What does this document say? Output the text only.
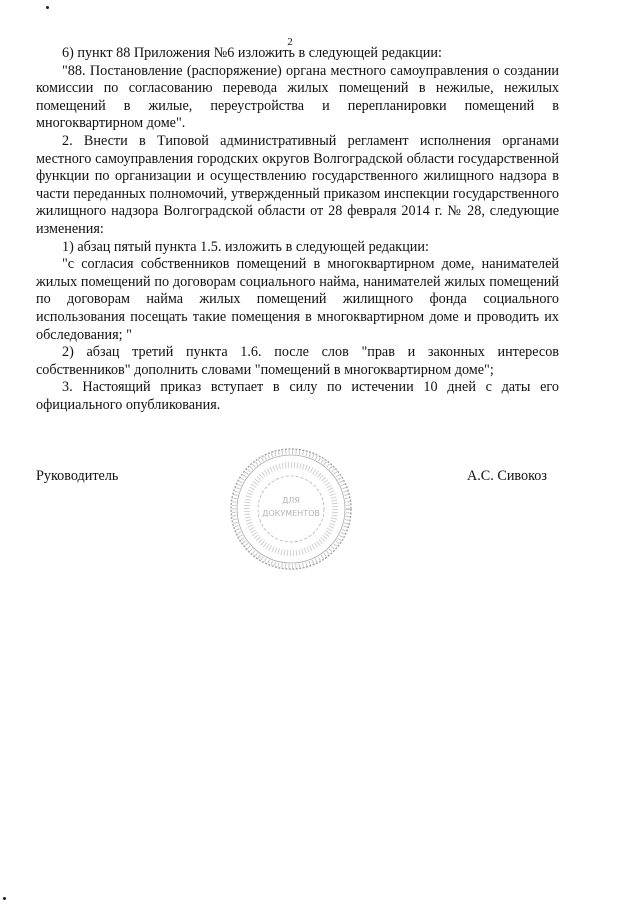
2

6) пункт 88 Приложения №6 изложить в следующей редакции:

"88. Постановление (распоряжение) органа местного самоуправления о создании комиссии по согласованию перевода жилых помещений в нежилые, нежилых помещений в жилые, переустройства и перепланировки помещений в многоквартирном доме".

2. Внести в Типовой административный регламент исполнения органами местного самоуправления городских округов Волгоградской области государственной функции по организации и осуществлению государственного жилищного надзора в части переданных полномочий, утвержденный приказом инспекции государственного жилищного надзора Волгоградской области от 28 февраля 2014 г. № 28, следующие изменения:

1) абзац пятый пункта 1.5. изложить в следующей редакции:

"с согласия собственников помещений в многоквартирном доме, нанимателей жилых помещений по договорам социального найма, нанимателей жилых помещений по договорам найма жилых помещений жилищного фонда социального использования посещать такие помещения в многоквартирном доме и проводить их обследования; "

2) абзац третий пункта 1.6. после слов "прав и законных интересов собственников" дополнить словами "помещений в многоквартирном доме";

3. Настоящий приказ вступает в силу по истечении 10 дней с даты его официального опубликования.

Руководитель	А.С. Сивокоз
ДЛЯ
ДОКУМЕНТОВ
